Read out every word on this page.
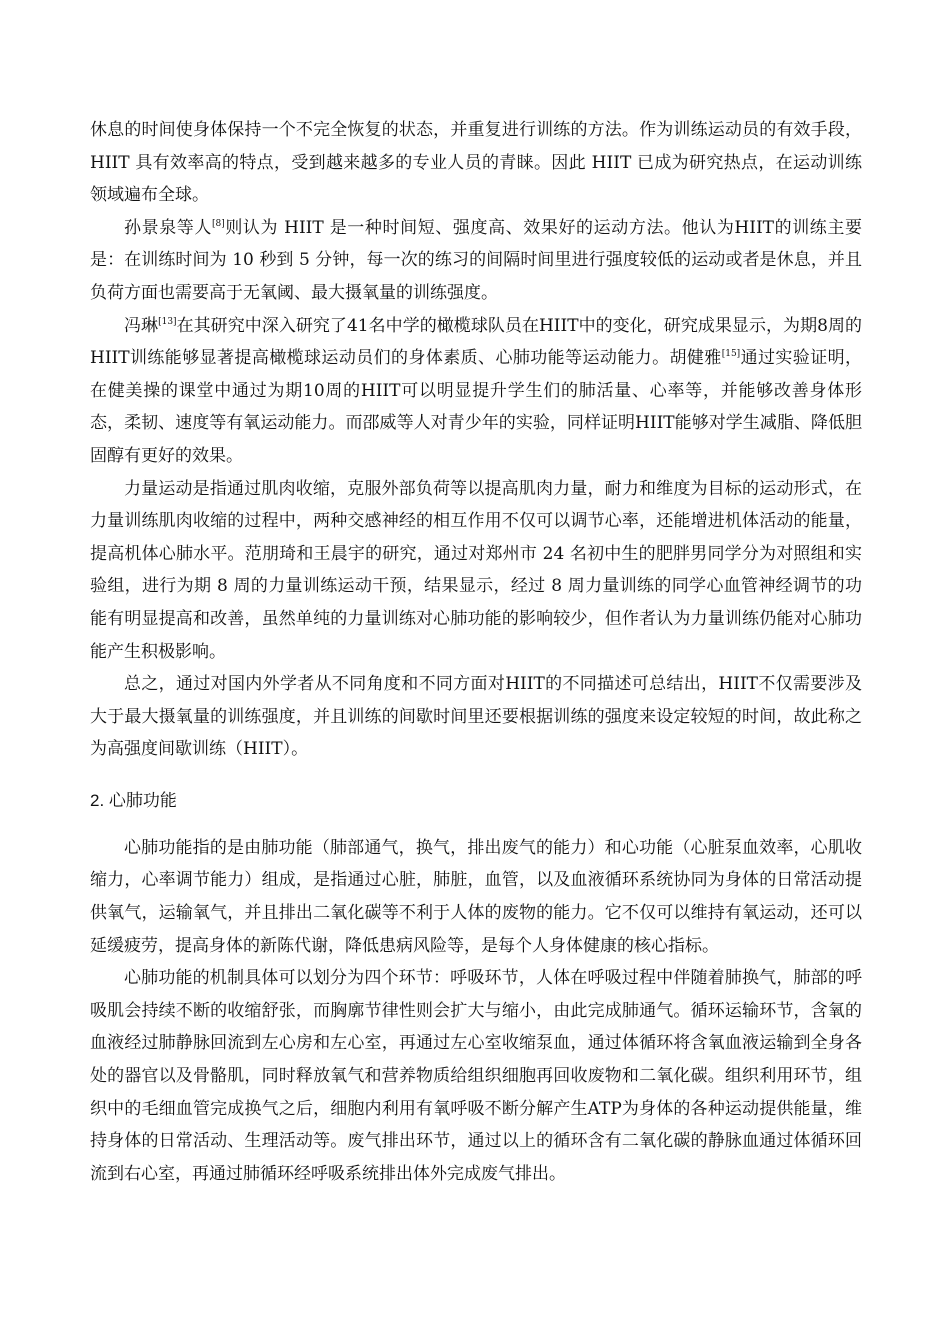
休息的时间使身体保持一个不完全恢复的状态，并重复进行训练的方法。作为训练运动员的有效手段，HIIT 具有效率高的特点，受到越来越多的专业人员的青睐。因此 HIIT 已成为研究热点，在运动训练领域遍布全球。

孙景泉等人[8]则认为 HIIT 是一种时间短、强度高、效果好的运动方法。他认为HIIT的训练主要是：在训练时间为 10 秒到 5 分钟，每一次的练习的间隔时间里进行强度较低的运动或者是休息，并且负荷方面也需要高于无氧阈、最大摄氧量的训练强度。

冯琳[13]在其研究中深入研究了41名中学的橄榄球队员在HIIT中的变化，研究成果显示，为期8周的HIIT训练能够显著提高橄榄球运动员们的身体素质、心肺功能等运动能力。胡健雅[15]通过实验证明，在健美操的课堂中通过为期10周的HIIT可以明显提升学生们的肺活量、心率等，并能够改善身体形态，柔韧、速度等有氧运动能力。而邵威等人对青少年的实验，同样证明HIIT能够对学生减脂、降低胆固醇有更好的效果。

力量运动是指通过肌肉收缩，克服外部负荷等以提高肌肉力量，耐力和维度为目标的运动形式，在力量训练肌肉收缩的过程中，两种交感神经的相互作用不仅可以调节心率，还能增进机体活动的能量，提高机体心肺水平。范朋琦和王晨宇的研究，通过对郑州市 24 名初中生的肥胖男同学分为对照组和实验组，进行为期 8 周的力量训练运动干预，结果显示，经过 8 周力量训练的同学心血管神经调节的功能有明显提高和改善，虽然单纯的力量训练对心肺功能的影响较少，但作者认为力量训练仍能对心肺功能产生积极影响。

总之，通过对国内外学者从不同角度和不同方面对HIIT的不同描述可总结出，HIIT不仅需要涉及大于最大摄氧量的训练强度，并且训练的间歇时间里还要根据训练的强度来设定较短的时间，故此称之为高强度间歇训练（HIIT）。

2. 心肺功能

心肺功能指的是由肺功能（肺部通气，换气，排出废气的能力）和心功能（心脏泵血效率，心肌收缩力，心率调节能力）组成，是指通过心脏，肺脏，血管，以及血液循环系统协同为身体的日常活动提供氧气，运输氧气，并且排出二氧化碳等不利于人体的废物的能力。它不仅可以维持有氧运动，还可以延缓疲劳，提高身体的新陈代谢，降低患病风险等，是每个人身体健康的核心指标。

心肺功能的机制具体可以划分为四个环节：呼吸环节，人体在呼吸过程中伴随着肺换气，肺部的呼吸肌会持续不断的收缩舒张，而胸廓节律性则会扩大与缩小，由此完成肺通气。循环运输环节，含氧的血液经过肺静脉回流到左心房和左心室，再通过左心室收缩泵血，通过体循环将含氧血液运输到全身各处的器官以及骨骼肌，同时释放氧气和营养物质给组织细胞再回收废物和二氧化碳。组织利用环节，组织中的毛细血管完成换气之后，细胞内利用有氧呼吸不断分解产生ATP为身体的各种运动提供能量，维持身体的日常活动、生理活动等。废气排出环节，通过以上的循环含有二氧化碳的静脉血通过体循环回流到右心室，再通过肺循环经呼吸系统排出体外完成废气排出。
